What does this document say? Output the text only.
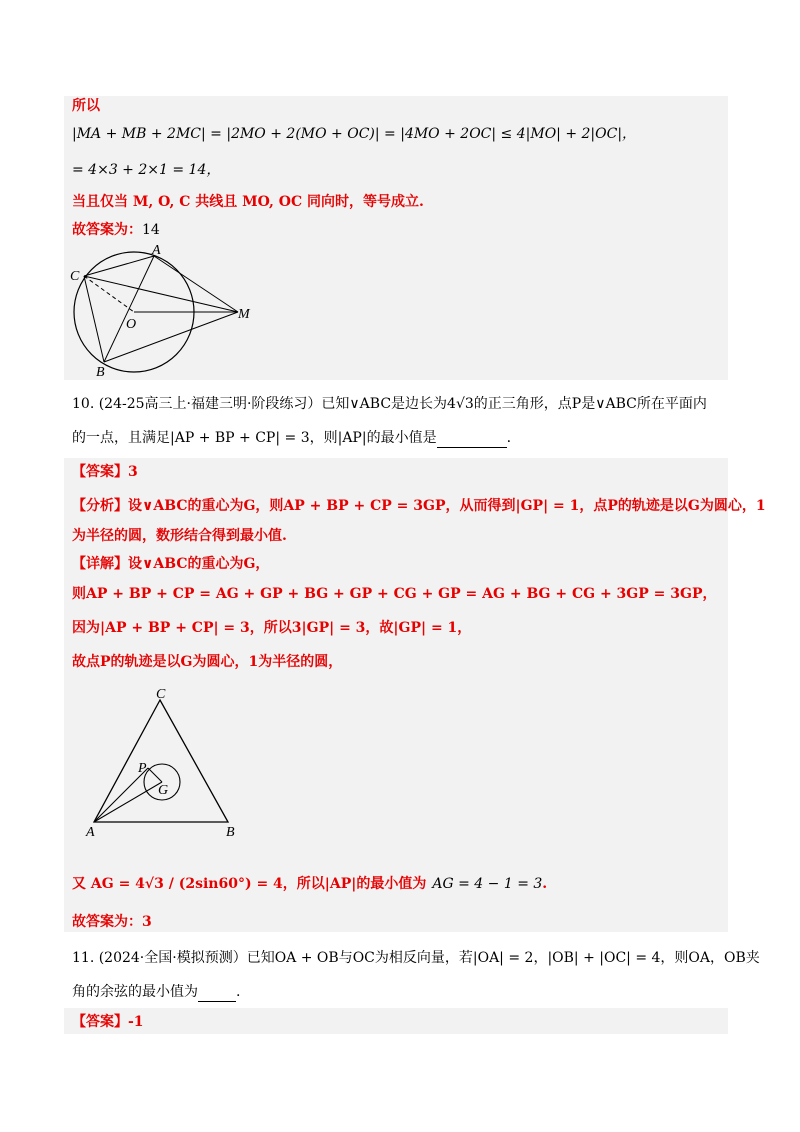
所以
|MA + MB + 2MC| = |2MO + 2(MO + OC)| = |4MO + 2OC| ≤ 4|MO| + 2|OC|，
= 4×3 + 2×1 = 14，
当且仅当 M, O, C 共线且 MO, OC 同向时，等号成立.
故答案为：14
C
A
O
M
B
10. (24-25高三上·福建三明·阶段练习）已知∨ABC是边长为4√3的正三角形，点P是∨ABC所在平面内
的一点，且满足|AP + BP + CP| = 3，则|AP|的最小值是	.
【答案】3
【分析】设∨ABC的重心为G，则AP + BP + CP = 3GP，从而得到|GP| = 1，点P的轨迹是以G为圆心，1
为半径的圆，数形结合得到最小值.
【详解】设∨ABC的重心为G，
则AP + BP + CP = AG + GP + BG + GP + CG + GP = AG + BG + CG + 3GP = 3GP，
因为|AP + BP + CP| = 3，所以3|GP| = 3，故|GP| = 1，
故点P的轨迹是以G为圆心，1为半径的圆，
C
P
G
A	B
又 AG = 4√3 / (2sin60°) = 4，所以|AP|的最小值为 AG = 4 − 1 = 3.
故答案为：3
11. (2024·全国·模拟预测）已知OA + OB与OC为相反向量，若|OA| = 2，|OB| + |OC| = 4，则OA，OB夹
角的余弦的最小值为	.
【答案】-1
